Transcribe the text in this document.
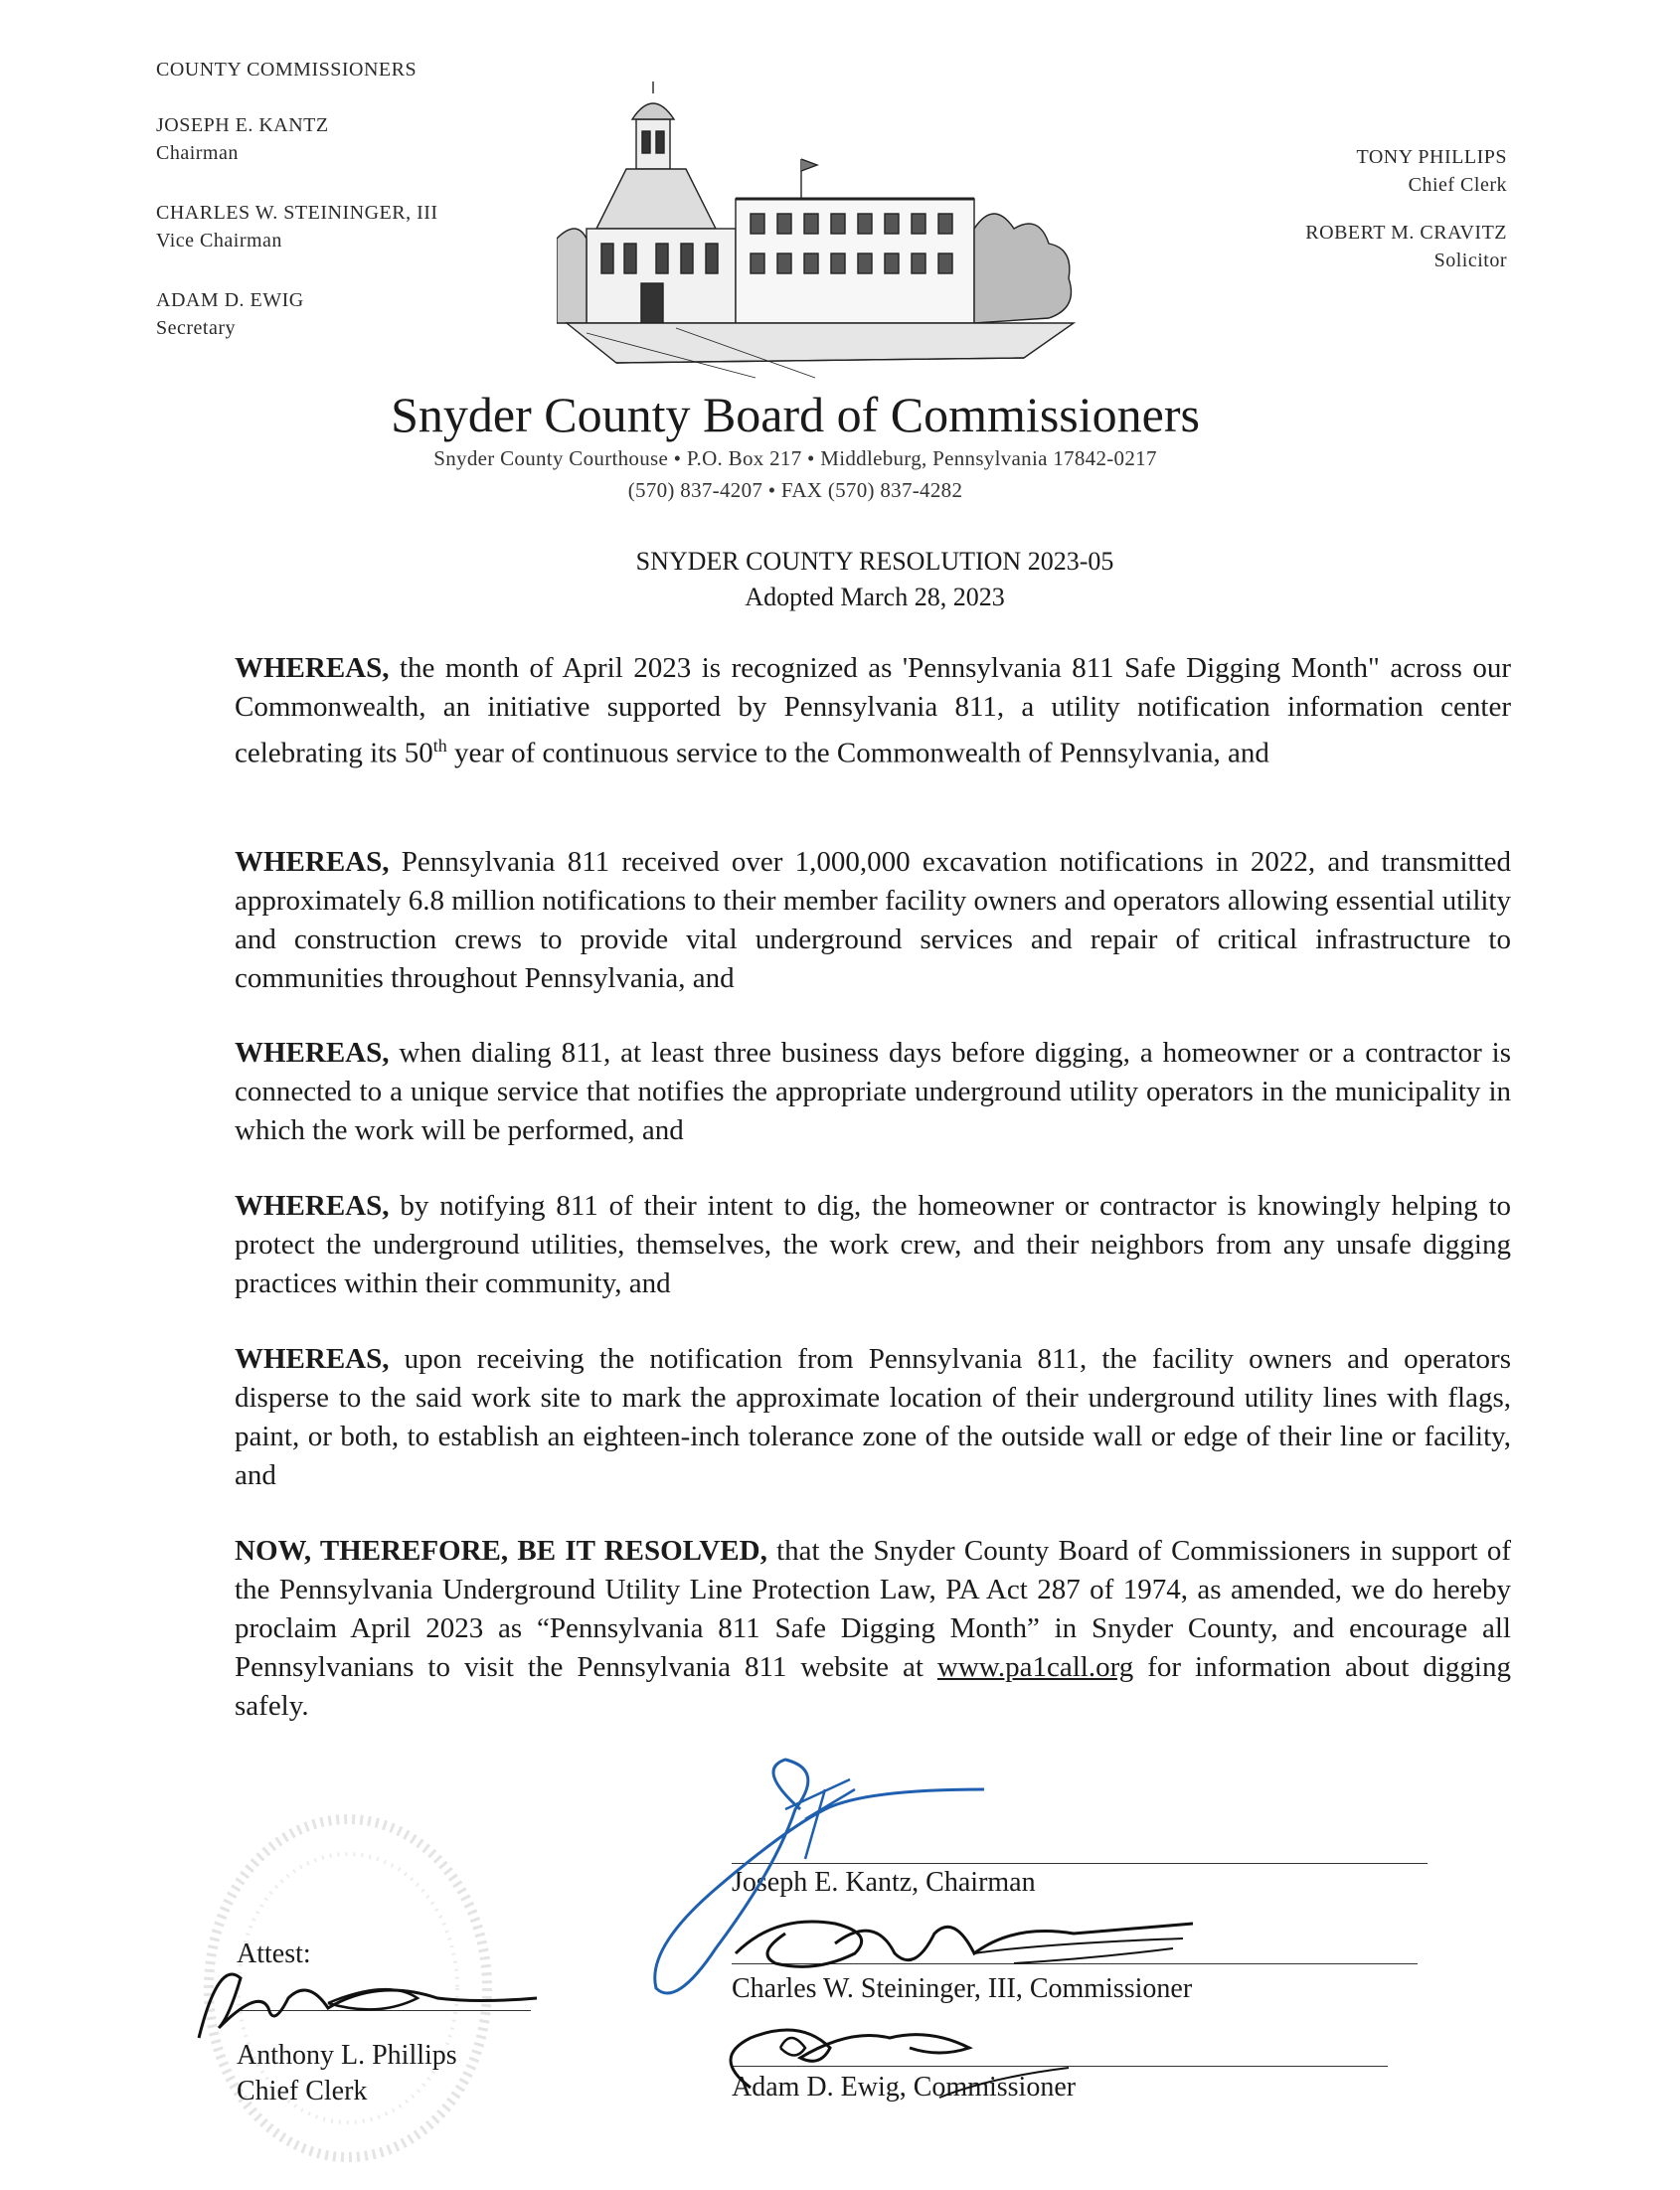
COUNTY COMMISSIONERS
JOSEPH E. KANTZ
Chairman
CHARLES W. STEININGER, III
Vice Chairman
ADAM D. EWIG
Secretary
TONY PHILLIPS
Chief Clerk
ROBERT M. CRAVITZ
Solicitor
Snyder County Board of Commissioners
Snyder County Courthouse • P.O. Box 217 • Middleburg, Pennsylvania 17842-0217
(570) 837-4207 • FAX (570) 837-4282
SNYDER COUNTY RESOLUTION 2023-05
Adopted March 28, 2023
WHEREAS, the month of April 2023 is recognized as 'Pennsylvania 811 Safe Digging Month" across our Commonwealth, an initiative supported by Pennsylvania 811, a utility notification information center celebrating its 50th year of continuous service to the Commonwealth of Pennsylvania, and
WHEREAS, Pennsylvania 811 received over 1,000,000 excavation notifications in 2022, and transmitted approximately 6.8 million notifications to their member facility owners and operators allowing essential utility and construction crews to provide vital underground services and repair of critical infrastructure to communities throughout Pennsylvania, and
WHEREAS, when dialing 811, at least three business days before digging, a homeowner or a contractor is connected to a unique service that notifies the appropriate underground utility operators in the municipality in which the work will be performed, and
WHEREAS, by notifying 811 of their intent to dig, the homeowner or contractor is knowingly helping to protect the underground utilities, themselves, the work crew, and their neighbors from any unsafe digging practices within their community, and
WHEREAS, upon receiving the notification from Pennsylvania 811, the facility owners and operators disperse to the said work site to mark the approximate location of their underground utility lines with flags, paint, or both, to establish an eighteen-inch tolerance zone of the outside wall or edge of their line or facility, and
NOW, THEREFORE, BE IT RESOLVED, that the Snyder County Board of Commissioners in support of the Pennsylvania Underground Utility Line Protection Law, PA Act 287 of 1974, as amended, we do hereby proclaim April 2023 as “Pennsylvania 811 Safe Digging Month” in Snyder County, and encourage all Pennsylvanians to visit the Pennsylvania 811 website at www.pa1call.org for information about digging safely.
Attest:
Anthony L. Phillips
Chief Clerk
Joseph E. Kantz, Chairman
Charles W. Steininger, III, Commissioner
Adam D. Ewig, Commissioner
